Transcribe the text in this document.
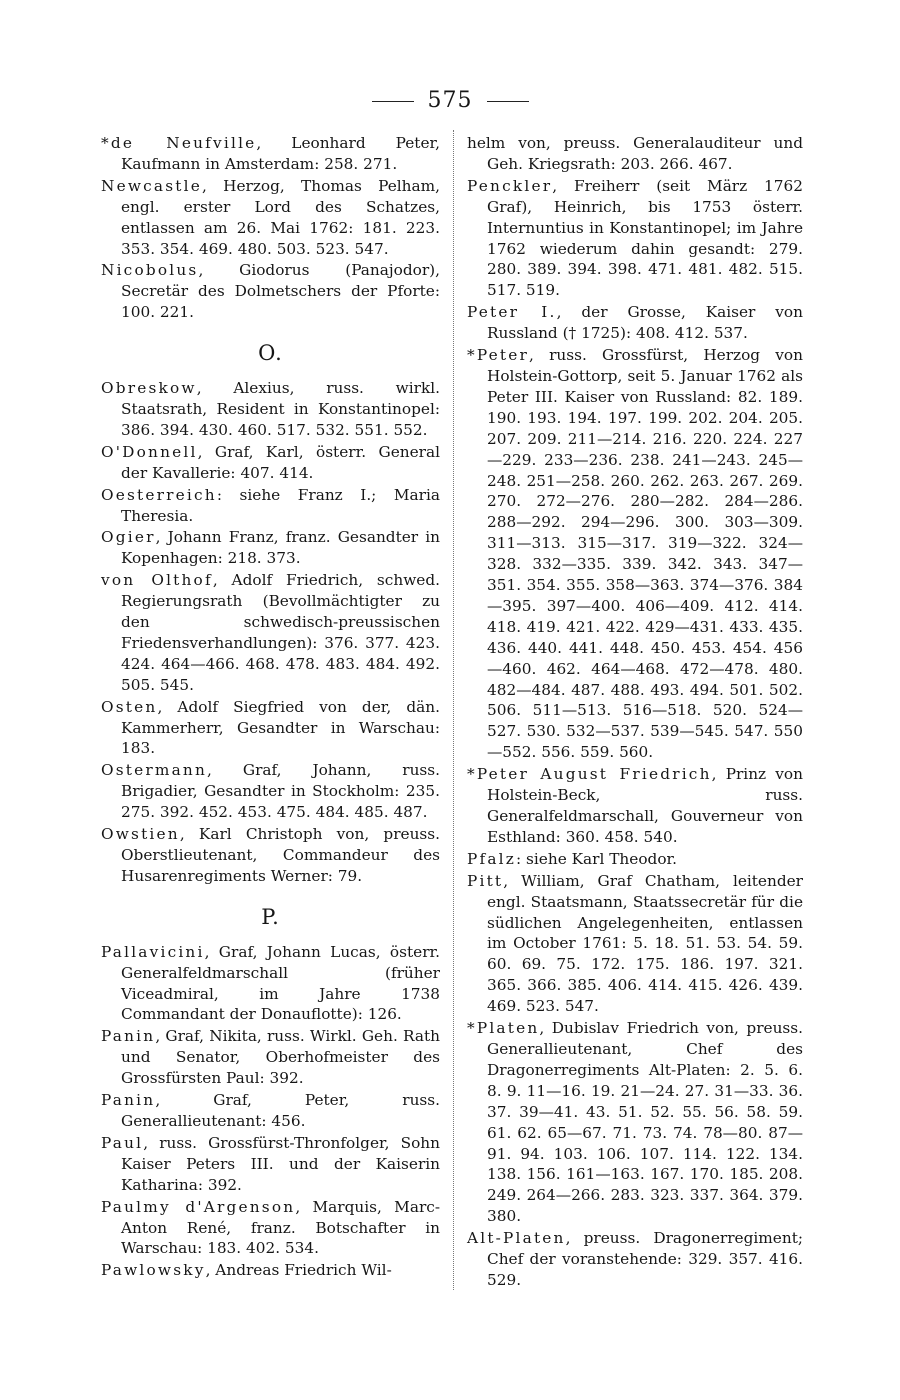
575

*de Neufville, Leonhard Peter, Kaufmann in Amsterdam: 258. 271.

Newcastle, Herzog, Thomas Pelham, engl. erster Lord des Schatzes, entlassen am 26. Mai 1762: 181. 223. 353. 354. 469. 480. 503. 523. 547.

Nicobolus, Giodorus (Panajodor), Secretär des Dolmetschers der Pforte: 100. 221.

O.

Obreskow, Alexius, russ. wirkl. Staatsrath, Resident in Konstantinopel: 386. 394. 430. 460. 517. 532. 551. 552.

O'Donnell, Graf, Karl, österr. General der Kavallerie: 407. 414.

Oesterreich: siehe Franz I.; Maria Theresia.

Ogier, Johann Franz, franz. Gesandter in Kopenhagen: 218. 373.

von Olthof, Adolf Friedrich, schwed. Regierungsrath (Bevollmächtigter zu den schwedisch-preussischen Friedensverhandlungen): 376. 377. 423. 424. 464—466. 468. 478. 483. 484. 492. 505. 545.

Osten, Adolf Siegfried von der, dän. Kammerherr, Gesandter in Warschau: 183.

Ostermann, Graf, Johann, russ. Brigadier, Gesandter in Stockholm: 235. 275. 392. 452. 453. 475. 484. 485. 487.

Owstien, Karl Christoph von, preuss. Oberstlieutenant, Commandeur des Husarenregiments Werner: 79.

P.

Pallavicini, Graf, Johann Lucas, österr. Generalfeldmarschall (früher Viceadmiral, im Jahre 1738 Commandant der Donauflotte): 126.

Panin, Graf, Nikita, russ. Wirkl. Geh. Rath und Senator, Oberhofmeister des Grossfürsten Paul: 392.

Panin, Graf, Peter, russ. Generallieutenant: 456.

Paul, russ. Grossfürst-Thronfolger, Sohn Kaiser Peters III. und der Kaiserin Katharina: 392.

Paulmy d'Argenson, Marquis, Marc-Anton René, franz. Botschafter in Warschau: 183. 402. 534.

Pawlowsky, Andreas Friedrich Wil-

helm von, preuss. Generalauditeur und Geh. Kriegsrath: 203. 266. 467.

Penckler, Freiherr (seit März 1762 Graf), Heinrich, bis 1753 österr. Internuntius in Konstantinopel; im Jahre 1762 wiederum dahin gesandt: 279. 280. 389. 394. 398. 471. 481. 482. 515. 517. 519.

Peter I., der Grosse, Kaiser von Russland († 1725): 408. 412. 537.

*Peter, russ. Grossfürst, Herzog von Holstein-Gottorp, seit 5. Januar 1762 als Peter III. Kaiser von Russland: 82. 189. 190. 193. 194. 197. 199. 202. 204. 205. 207. 209. 211—214. 216. 220. 224. 227—229. 233—236. 238. 241—243. 245—248. 251—258. 260. 262. 263. 267. 269. 270. 272—276. 280—282. 284—286. 288—292. 294—296. 300. 303—309. 311—313. 315—317. 319—322. 324—328. 332—335. 339. 342. 343. 347—351. 354. 355. 358—363. 374—376. 384—395. 397—400. 406—409. 412. 414. 418. 419. 421. 422. 429—431. 433. 435. 436. 440. 441. 448. 450. 453. 454. 456—460. 462. 464—468. 472—478. 480. 482—484. 487. 488. 493. 494. 501. 502. 506. 511—513. 516—518. 520. 524—527. 530. 532—537. 539—545. 547. 550—552. 556. 559. 560.

*Peter August Friedrich, Prinz von Holstein-Beck, russ. Generalfeldmarschall, Gouverneur von Esthland: 360. 458. 540.

Pfalz: siehe Karl Theodor.

Pitt, William, Graf Chatham, leitender engl. Staatsmann, Staatssecretär für die südlichen Angelegenheiten, entlassen im October 1761: 5. 18. 51. 53. 54. 59. 60. 69. 75. 172. 175. 186. 197. 321. 365. 366. 385. 406. 414. 415. 426. 439. 469. 523. 547.

*Platen, Dubislav Friedrich von, preuss. Generallieutenant, Chef des Dragonerregiments Alt-Platen: 2. 5. 6. 8. 9. 11—16. 19. 21—24. 27. 31—33. 36. 37. 39—41. 43. 51. 52. 55. 56. 58. 59. 61. 62. 65—67. 71. 73. 74. 78—80. 87—91. 94. 103. 106. 107. 114. 122. 134. 138. 156. 161—163. 167. 170. 185. 208. 249. 264—266. 283. 323. 337. 364. 379. 380.

Alt-Platen, preuss. Dragonerregiment; Chef der voranstehende: 329. 357. 416. 529.
